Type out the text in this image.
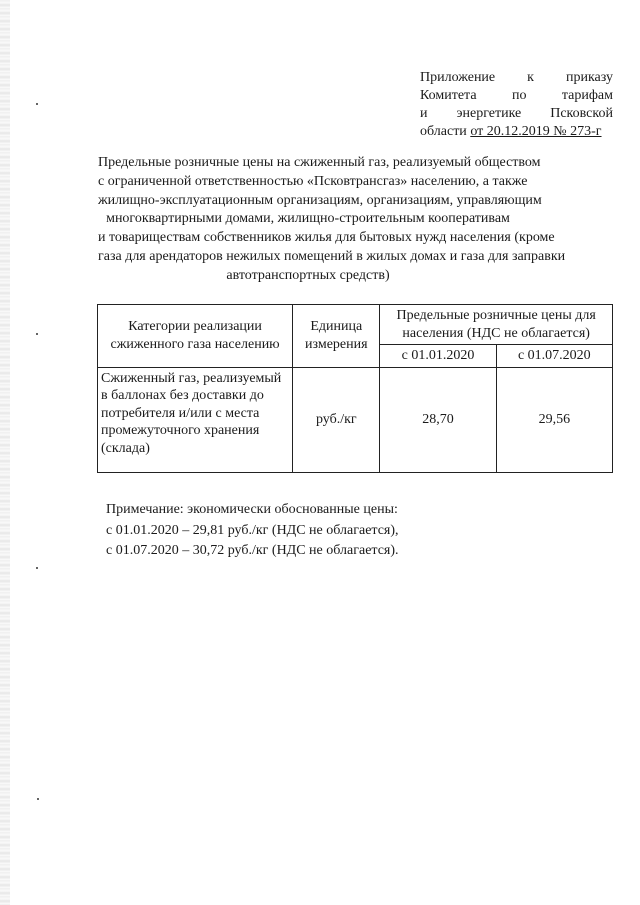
Приложение к приказу
Комитета	по	тарифам
и энергетике Псковской
области от 20.12.2019 № 273-г
Предельные розничные цены на сжиженный газ, реализуемый обществом
с ограниченной ответственностью «Псковтрансгаз» населению, а также
жилищно-эксплуатационным организациям, организациям, управляющим
многоквартирными домами, жилищно-строительным кооперативам
и товариществам собственников жилья для бытовых нужд населения (кроме
газа для арендаторов нежилых помещений в жилых домах и газа для заправки
автотранспортных средств)
Категории реализации сжиженного газа населению	Единица измерения	Предельные розничные цены для населения (НДС не облагается)	
		с 01.01.2020	с 01.07.2020
Сжиженный газ, реализуемый в баллонах без доставки до потребителя и/или с места промежуточного хранения (склада)	руб./кг	28,70	29,56
Примечание: экономически обоснованные цены:
с 01.01.2020 – 29,81 руб./кг (НДС не облагается),
с 01.07.2020 – 30,72 руб./кг (НДС не облагается).
